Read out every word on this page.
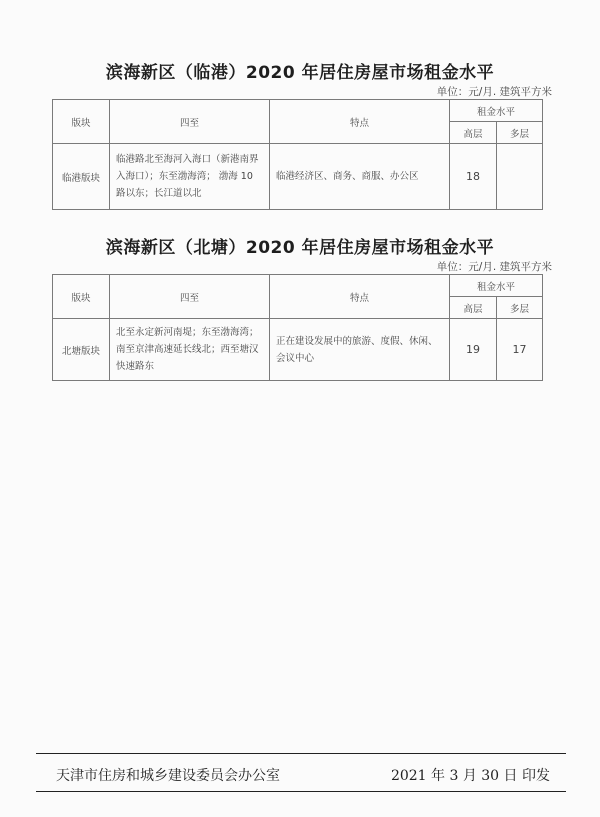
滨海新区（临港）2020 年居住房屋市场租金水平
单位：元/月. 建筑平方米
版块	四至	特点	租金水平	
			高层	多层
临港版块	临港路北至海河入海口（新港南界入海口）；东至渤海湾； 渤海 10 路以东；长江道以北	临港经济区、商务、商服、办公区	18	
滨海新区（北塘）2020 年居住房屋市场租金水平
单位：元/月. 建筑平方米
版块	四至	特点	租金水平	
			高层	多层
北塘版块	北至永定新河南堤；东至渤海湾；南至京津高速延长线北；西至塘汉快速路东	正在建设发展中的旅游、度假、休闲、会议中心	19	17
天津市住房和城乡建设委员会办公室	2021 年 3 月 30 日 印发
